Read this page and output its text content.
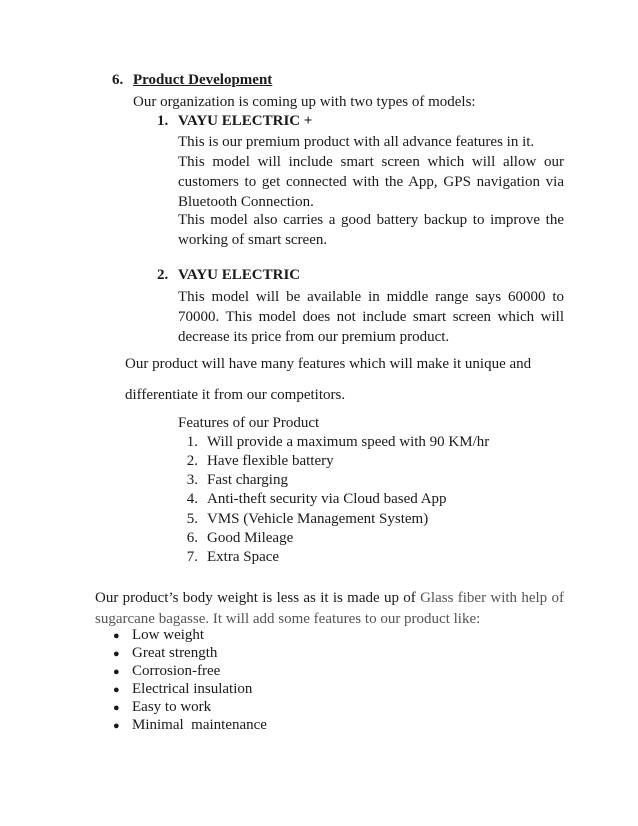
6. Product Development
Our organization is coming up with two types of models:
1. VAYU ELECTRIC +
This is our premium product with all advance features in it.
This model will include smart screen which will allow our customers to get connected with the App, GPS navigation via Bluetooth Connection.
This model also carries a good battery backup to improve the working of smart screen.
2. VAYU ELECTRIC
This model will be available in middle range says 60000 to 70000. This model does not include smart screen which will decrease its price from our premium product.
Our product will have many features which will make it unique and
differentiate it from our competitors.
Features of our Product
1. Will provide a maximum speed with 90 KM/hr
2. Have flexible battery
3. Fast charging
4. Anti-theft security via Cloud based App
5. VMS (Vehicle Management System)
6. Good Mileage
7. Extra Space
Our product’s body weight is less as it is made up of Glass fiber with help of sugarcane bagasse. It will add some features to our product like:
● Low weight
● Great strength
● Corrosion-free
● Electrical insulation
● Easy to work
● Minimal  maintenance
